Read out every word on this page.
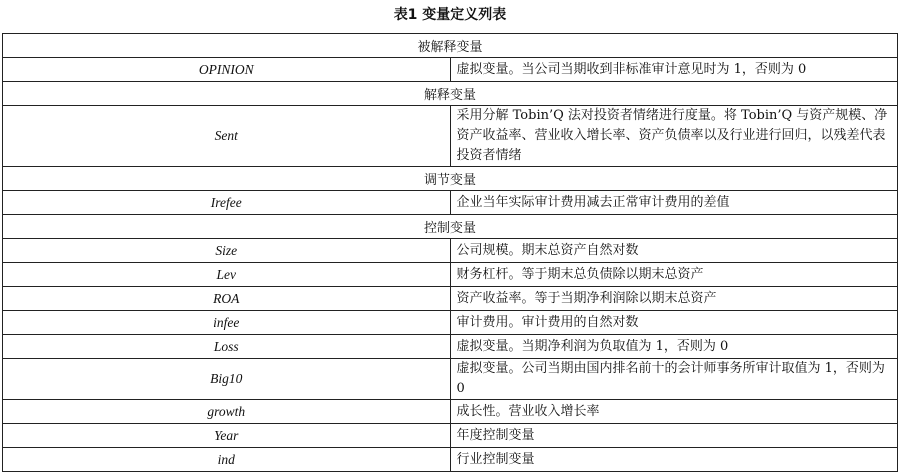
表1 变量定义列表
被解释变量	
OPINION	虚拟变量。当公司当期收到非标准审计意见时为 1，否则为 0
解释变量	
Sent	采用分解 Tobin’Q 法对投资者情绪进行度量。将 Tobin’Q 与资产规模、净资产收益率、营业收入增长率、资产负债率以及行业进行回归，以残差代表投资者情绪
调节变量	
Irefee	企业当年实际审计费用减去正常审计费用的差值
控制变量	
Size	公司规模。期末总资产自然对数
Lev	财务杠杆。等于期末总负债除以期末总资产
ROA	资产收益率。等于当期净利润除以期末总资产
infee	审计费用。审计费用的自然对数
Loss	虚拟变量。当期净利润为负取值为 1，否则为 0
Big10	虚拟变量。公司当期由国内排名前十的会计师事务所审计取值为 1，否则为 0
growth	成长性。营业收入增长率
Year	年度控制变量
ind	行业控制变量
